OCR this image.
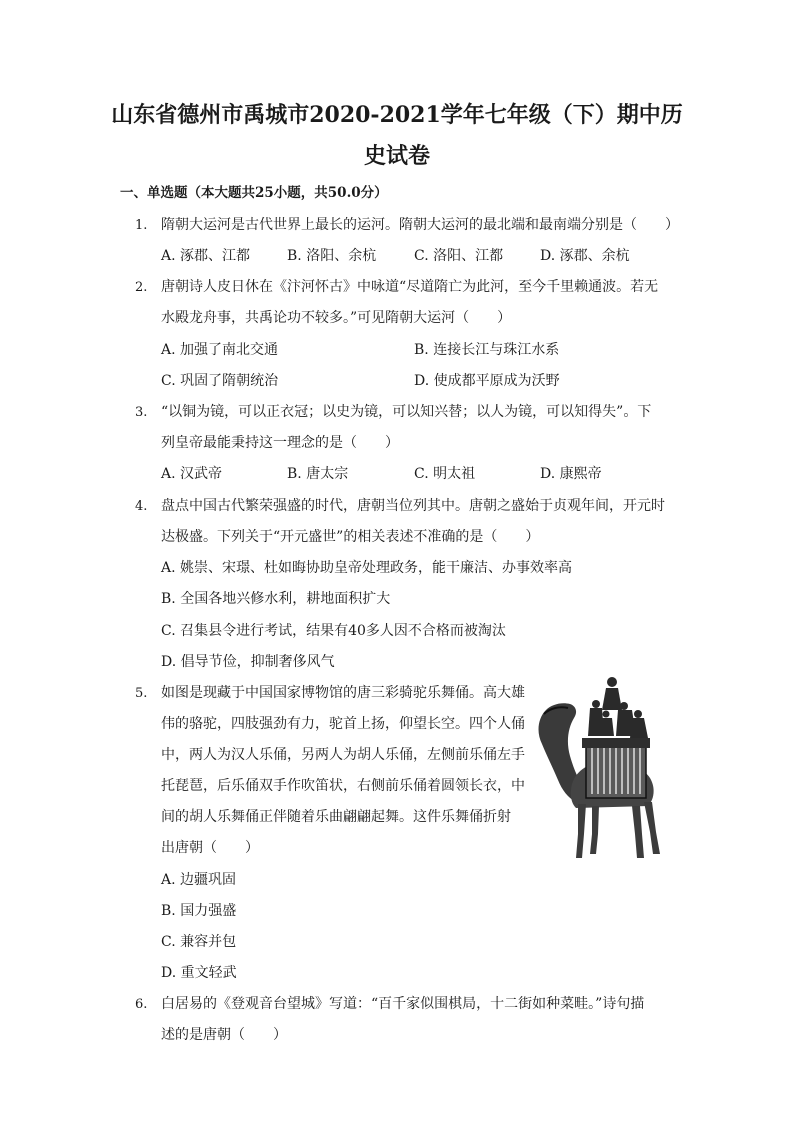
山东省德州市禹城市2020-2021学年七年级（下）期中历
史试卷
一、单选题（本大题共25小题，共50.0分）
1. 隋朝大运河是古代世界上最长的运河。隋朝大运河的最北端和最南端分别是（　　）
A. 涿郡、江都	B. 洛阳、余杭	C. 洛阳、江都	D. 涿郡、余杭
2. 唐朝诗人皮日休在《汴河怀古》中咏道“尽道隋亡为此河，至今千里赖通波。若无
水殿龙舟事，共禹论功不较多。”可见隋朝大运河（　　）
A. 加强了南北交通	B. 连接长江与珠江水系
C. 巩固了隋朝统治	D. 使成都平原成为沃野
3. “以铜为镜，可以正衣冠；以史为镜，可以知兴替；以人为镜，可以知得失”。下
列皇帝最能秉持这一理念的是（　　）
A. 汉武帝	B. 唐太宗	C. 明太祖	D. 康熙帝
4. 盘点中国古代繁荣强盛的时代，唐朝当位列其中。唐朝之盛始于贞观年间，开元时
达极盛。下列关于“开元盛世”的相关表述不准确的是（　　）
A. 姚崇、宋璟、杜如晦协助皇帝处理政务，能干廉洁、办事效率高
B. 全国各地兴修水利，耕地面积扩大
C. 召集县令进行考试，结果有40多人因不合格而被淘汰
D. 倡导节俭，抑制奢侈风气
5. 如图是现藏于中国国家博物馆的唐三彩骑驼乐舞俑。高大雄
伟的骆驼，四肢强劲有力，驼首上扬，仰望长空。四个人俑
中，两人为汉人乐俑，另两人为胡人乐俑，左侧前乐俑左手
托琵琶，后乐俑双手作吹笛状，右侧前乐俑着圆领长衣，中
间的胡人乐舞俑正伴随着乐曲翩翩起舞。这件乐舞俑折射
出唐朝（　　）
A. 边疆巩固
B. 国力强盛
C. 兼容并包
D. 重文轻武
6. 白居易的《登观音台望城》写道：“百千家似围棋局，十二街如种菜畦。”诗句描
述的是唐朝（　　）
